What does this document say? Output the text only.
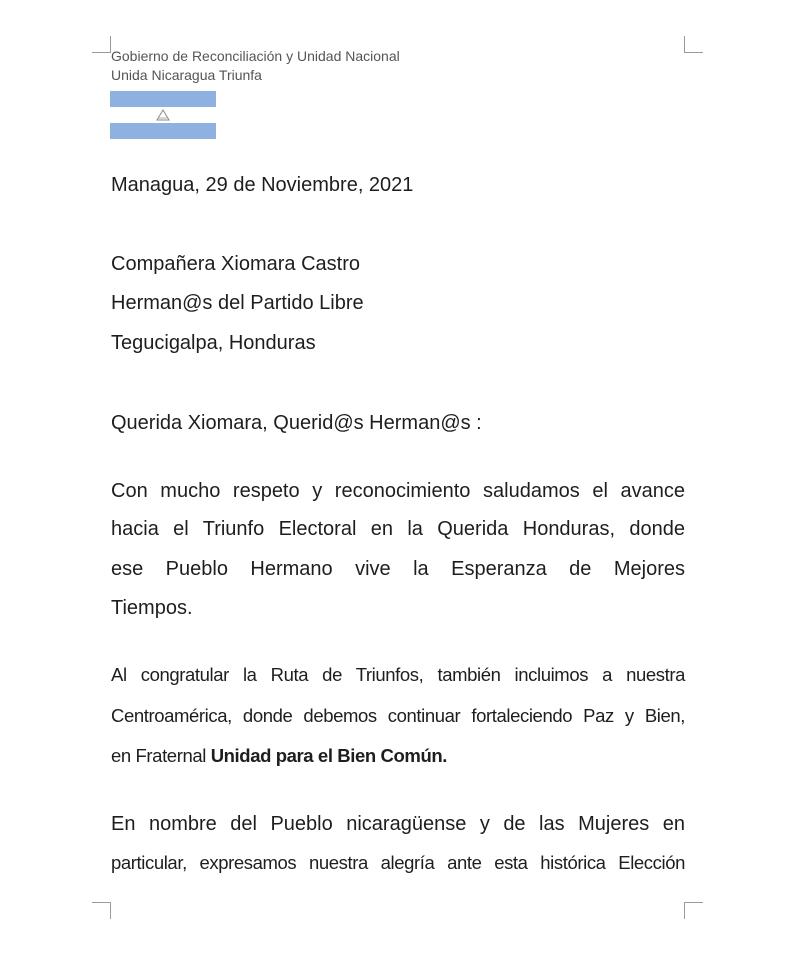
Gobierno de Reconciliación y Unidad Nacional
Unida Nicaragua Triunfa
Managua, 29 de Noviembre, 2021
Compañera Xiomara Castro
Herman@s del Partido Libre
Tegucigalpa, Honduras
Querida Xiomara, Querid@s Herman@s :
Con mucho respeto y reconocimiento saludamos el avance
hacia el Triunfo Electoral en la Querida Honduras, donde
ese Pueblo Hermano vive la Esperanza de Mejores
Tiempos.
Al congratular la Ruta de Triunfos, también incluimos a nuestra
Centroamérica, donde debemos continuar fortaleciendo Paz y Bien,
en Fraternal Unidad para el Bien Común.
En nombre del Pueblo nicaragüense y de las Mujeres en
particular, expresamos nuestra alegría ante esta histórica Elección
